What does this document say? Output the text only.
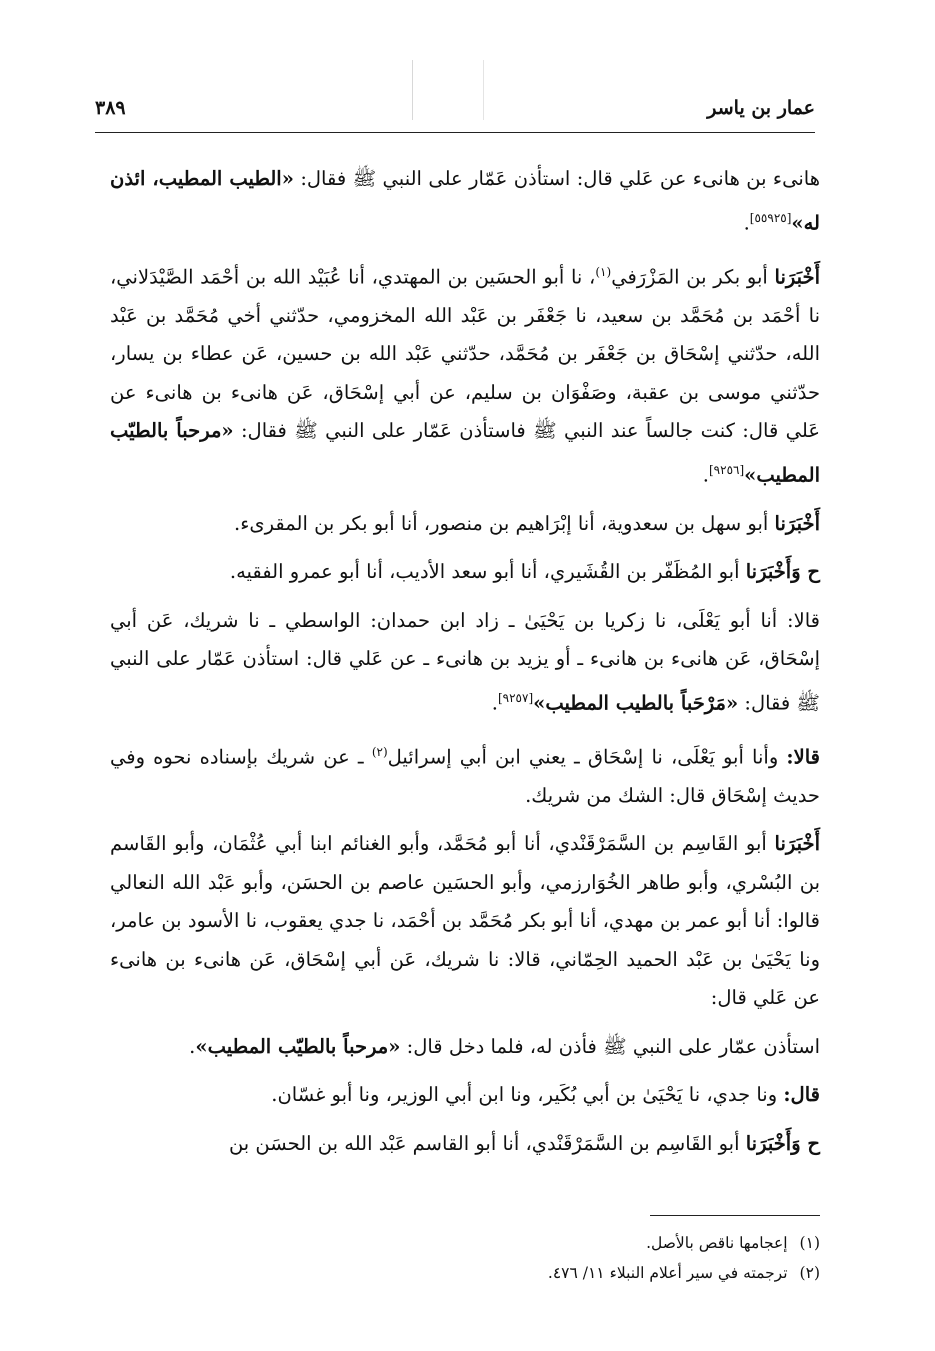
عمار بن ياسر
٣٨٩

هانىء بن هانىء عن عَلي قال: استأذن عَمّار على النبي ﷺ فقال: «الطيب المطيب، ائذن له»[٥٥٩٢٥].

أَخْبَرَنا أبو بكر بن المَزْرَفي$^{(١)}$، نا أبو الحسَين بن المهتدي، أنا عُبَيْد الله بن أحْمَد الصَّيْدَلاني، نا أحْمَد بن مُحَمَّد بن سعيد، نا جَعْفَر بن عَبْد الله المخزومي، حدّثني أخي مُحَمَّد بن عَبْد الله، حدّثني إسْحَاق بن جَعْفَر بن مُحَمَّد، حدّثني عَبْد الله بن حسين، عَن عطاء بن يسار، حدّثني موسى بن عقبة، وصَفْوَان بن سليم، عن أبي إسْحَاق، عَن هانىء بن هانىء عن عَلي قال: كنت جالساً عند النبي ﷺ فاستأذن عَمّار على النبي ﷺ فقال: «مرحباً بالطيّب المطيب»[٩٢٥٦].

أَخْبَرَنا أبو سهل بن سعدوية، أنا إبْرَاهيم بن منصور، أنا أبو بكر بن المقرىء.

ح وَأَخْبَرَنا أبو المُظَفّر بن القُشَيري، أنا أبو سعد الأديب، أنا أبو عمرو الفقيه.

قالا: أنا أبو يَعْلَى، نا زكريا بن يَحْيَىٰ ـ زاد ابن حمدان: الواسطي ـ نا شريك، عَن أبي إسْحَاق، عَن هانىء بن هانىء ـ أو يزيد بن هانىء ـ عن عَلي قال: استأذن عَمّار على النبي ﷺ فقال: «مَرْحَباً بالطيب المطيب»[٩٢٥٧].

قالا: وأنا أبو يَعْلَى، نا إسْحَاق ـ يعني ابن أبي إسرائيل$^{(٢)}$ ـ عن شريك بإسناده نحوه وفي حديث إسْحَاق قال: الشك من شريك.

أَخْبَرَنا أبو القَاسِم بن السَّمَرْقَنْدي، أنا أبو مُحَمَّد، وأبو الغنائم ابنا أبي عُثْمَان، وأبو القَاسم بن البُسْري، وأبو طاهر الخُوَارزمي، وأبو الحسَين عاصم بن الحسَن، وأبو عَبْد الله النعالي قالوا: أنا أبو عمر بن مهدي، أنا أبو بكر مُحَمَّد بن أحْمَد، نا جدي يعقوب، نا الأسود بن عامر، ونا يَحْيَىٰ بن عَبْد الحميد الحِمّاني، قالا: نا شريك، عَن أبي إسْحَاق، عَن هانىء بن هانىء عن عَلي قال:

استأذن عمّار على النبي ﷺ فأذن له، فلما دخل قال: «مرحباً بالطيّب المطيب».

قال: ونا جدي، نا يَحْيَىٰ بن أبي بُكَير، ونا ابن أبي الوزير، ونا أبو غسّان.

ح وَأَخْبَرَنا أبو القَاسِم بن السَّمَرْقَنْدي، أنا أبو القاسم عَبْد الله بن الحسَن بن

(١)إعجامها ناقص بالأصل.
(٢)ترجمته في سير أعلام النبلاء ١١/ ٤٧٦.
